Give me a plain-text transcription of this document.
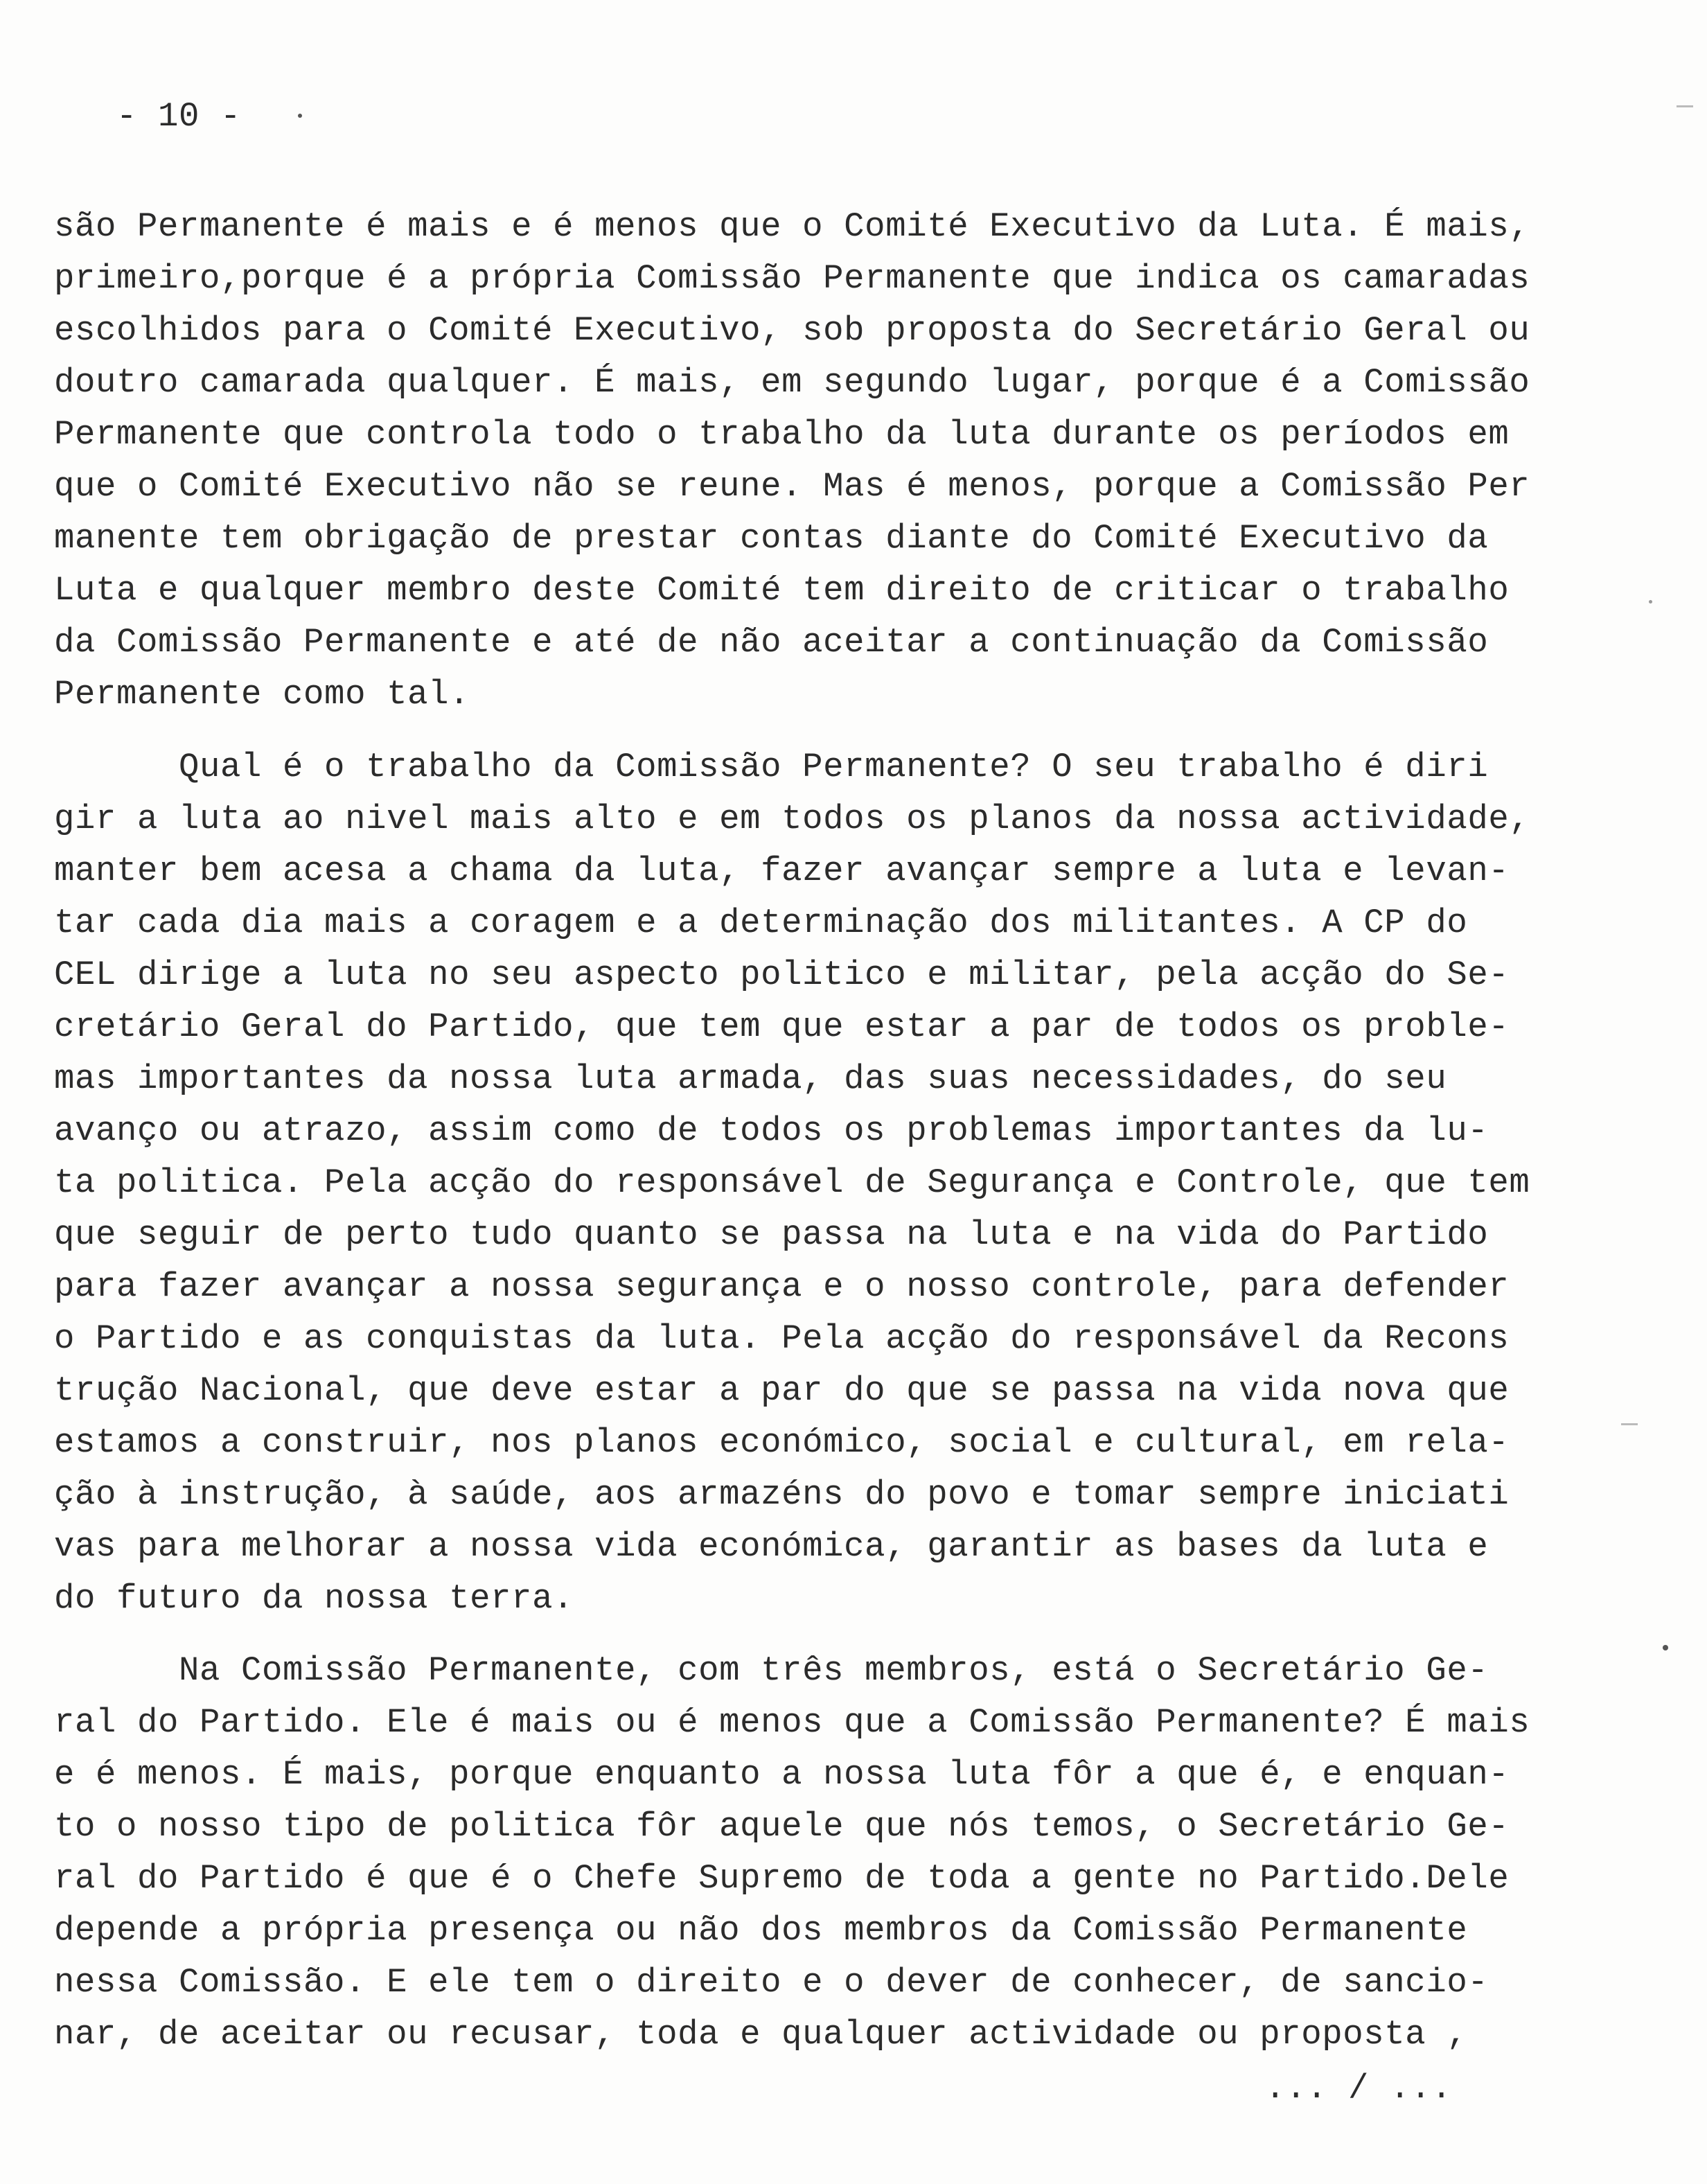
- 10 -

são Permanente é mais e é menos que o Comité Executivo da Luta. É mais,
primeiro,porque é a própria Comissão Permanente que indica os camaradas
escolhidos para o Comité Executivo, sob proposta do Secretário Geral ou
doutro camarada qualquer. É mais, em segundo lugar, porque é a Comissão
Permanente que controla todo o trabalho da luta durante os períodos em
que o Comité Executivo não se reune. Mas é menos, porque a Comissão Per
manente tem obrigação de prestar contas diante do Comité Executivo da
Luta e qualquer membro deste Comité tem direito de criticar o trabalho
da Comissão Permanente e até de não aceitar a continuação da Comissão
Permanente como tal.

Qual é o trabalho da Comissão Permanente? O seu trabalho é diri
gir a luta ao nivel mais alto e em todos os planos da nossa actividade,
manter bem acesa a chama da luta, fazer avançar sempre a luta e levan-
tar cada dia mais a coragem e a determinação dos militantes. A CP do
CEL dirige a luta no seu aspecto politico e militar, pela acção do Se-
cretário Geral do Partido, que tem que estar a par de todos os proble-
mas importantes da nossa luta armada, das suas necessidades, do seu
avanço ou atrazo, assim como de todos os problemas importantes da lu-
ta politica. Pela acção do responsável de Segurança e Controle, que tem
que seguir de perto tudo quanto se passa na luta e na vida do Partido
para fazer avançar a nossa segurança e o nosso controle, para defender
o Partido e as conquistas da luta. Pela acção do responsável da Recons
trução Nacional, que deve estar a par do que se passa na vida nova que
estamos a construir, nos planos económico, social e cultural, em rela-
ção à instrução, à saúde, aos armazéns do povo e tomar sempre iniciati
vas para melhorar a nossa vida económica, garantir as bases da luta e
do futuro da nossa terra.

Na Comissão Permanente, com três membros, está o Secretário Ge-
ral do Partido. Ele é mais ou é menos que a Comissão Permanente? É mais
e é menos. É mais, porque enquanto a nossa luta fôr a que é, e enquan-
to o nosso tipo de politica fôr aquele que nós temos, o Secretário Ge-
ral do Partido é que é o Chefe Supremo de toda a gente no Partido.Dele
depende a própria presença ou não dos membros da Comissão Permanente
nessa Comissão. E ele tem o direito e o dever de conhecer, de sancio-
nar, de aceitar ou recusar, toda e qualquer actividade ou proposta ,

... / ...
